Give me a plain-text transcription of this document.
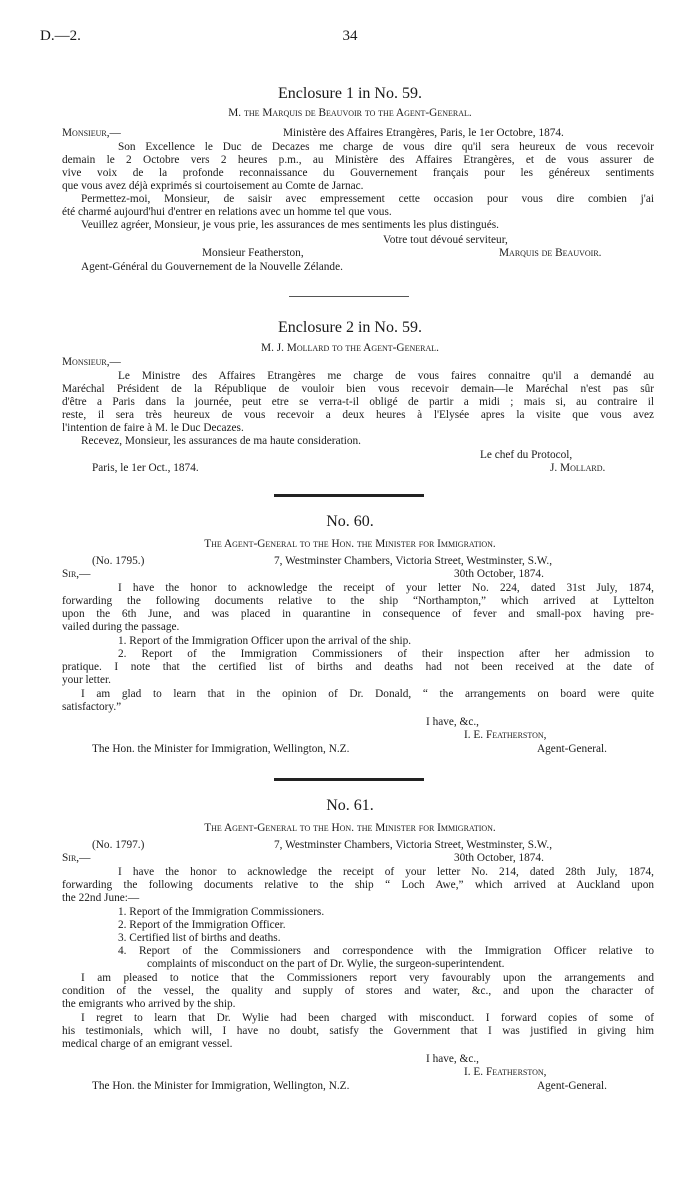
D.—2.	34
Enclosure 1 in No. 59.
M. the Marquis de Beauvoir to the Agent-General.
Monsieur,—	Ministère des Affaires Etrangères, Paris, le 1er Octobre, 1874.
Son Excellence le Duc de Decazes me charge de vous dire qu'il sera heureux de vous recevoir
demain le 2 Octobre vers 2 heures p.m., au Ministère des Affaires Etrangères, et de vous assurer de
vive voix de la profonde reconnaissance du Gouvernement français pour les généreux sentiments
que vous avez déjà exprimés si courtoisement au Comte de Jarnac.
Permettez-moi, Monsieur, de saisir avec empressement cette occasion pour vous dire combien j'ai
été charmé aujourd'hui d'entrer en relations avec un homme tel que vous.
Veuillez agréer, Monsieur, je vous prie, les assurances de mes sentiments les plus distingués.
Votre tout dévoué serviteur,
Monsieur Featherston,	Marquis de Beauvoir.
Agent-Général du Gouvernement de la Nouvelle Zélande.
Enclosure 2 in No. 59.
M. J. Mollard to the Agent-General.
Monsieur,—
Le Ministre des Affaires Etrangères me charge de vous faires connaitre qu'il a demandé au
Maréchal Président de la République de vouloir bien vous recevoir demain—le Maréchal n'est pas sûr
d'être a Paris dans la journée, peut etre se verra-t-il obligé de partir a midi ; mais si, au contraire il
reste, il sera très heureux de vous recevoir a deux heures à l'Elysée apres la visite que vous avez
l'intention de faire à M. le Duc Decazes.
Recevez, Monsieur, les assurances de ma haute consideration.
Le chef du Protocol,
Paris, le 1er Oct., 1874.	J. Mollard.
No. 60.
The Agent-General to the Hon. the Minister for Immigration.
(No. 1795.)	7, Westminster Chambers, Victoria Street, Westminster, S.W.,
Sir,—	30th October, 1874.
I have the honor to acknowledge the receipt of your letter No. 224, dated 31st July, 1874,
forwarding the following documents relative to the ship “Northampton,” which arrived at Lyttelton
upon the 6th June, and was placed in quarantine in consequence of fever and small-pox having pre-
vailed during the passage.
1. Report of the Immigration Officer upon the arrival of the ship.
2. Report of the Immigration Commissioners of their inspection after her admission to
pratique. I note that the certified list of births and deaths had not been received at the date of
your letter.
I am glad to learn that in the opinion of Dr. Donald, “ the arrangements on board were quite
satisfactory.”
I have, &c.,
I. E. Featherston,
The Hon. the Minister for Immigration, Wellington, N.Z.	Agent-General.
No. 61.
The Agent-General to the Hon. the Minister for Immigration.
(No. 1797.)	7, Westminster Chambers, Victoria Street, Westminster, S.W.,
Sir,—	30th October, 1874.
I have the honor to acknowledge the receipt of your letter No. 214, dated 28th July, 1874,
forwarding the following documents relative to the ship “ Loch Awe,” which arrived at Auckland upon
the 22nd June:—
1. Report of the Immigration Commissioners.
2. Report of the Immigration Officer.
3. Certified list of births and deaths.
4. Report of the Commissioners and correspondence with the Immigration Officer relative to
complaints of misconduct on the part of Dr. Wylie, the surgeon-superintendent.
I am pleased to notice that the Commissioners report very favourably upon the arrangements and
condition of the vessel, the quality and supply of stores and water, &c., and upon the character of
the emigrants who arrived by the ship.
I regret to learn that Dr. Wylie had been charged with misconduct. I forward copies of some of
his testimonials, which will, I have no doubt, satisfy the Government that I was justified in giving him
medical charge of an emigrant vessel.
I have, &c.,
I. E. Featherston,
The Hon. the Minister for Immigration, Wellington, N.Z.	Agent-General.
